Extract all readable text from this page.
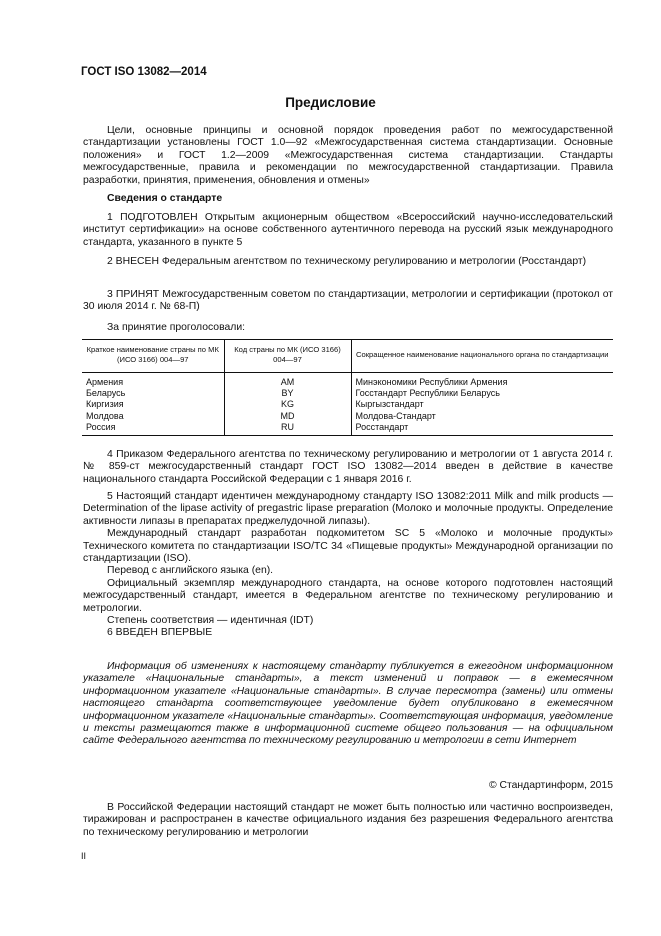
ГОСТ ISO 13082—2014
Предисловие

Цели, основные принципы и основной порядок проведения работ по межгосударственной стандартизации установлены ГОСТ 1.0—92 «Межгосударственная система стандартизации. Основные положения» и ГОСТ 1.2—2009 «Межгосударственная система стандартизации. Стандарты межгосударственные, правила и рекомендации по межгосударственной стандартизации. Правила разработки, принятия, применения, обновления и отмены»

Сведения о стандарте

1 ПОДГОТОВЛЕН Открытым акционерным обществом «Всероссийский научно-исследовательский институт сертификации» на основе собственного аутентичного перевода на русский язык международного стандарта, указанного в пункте 5

2 ВНЕСЕН Федеральным агентством по техническому регулированию и метрологии (Росстандарт)

3 ПРИНЯТ Межгосударственным советом по стандартизации, метрологии и сертификации (протокол от 30 июля 2014 г. № 68-П)

За принятие проголосовали:

Краткое наименование страны по МК (ИСО 3166) 004—97	Код страны по МК (ИСО 3166) 004—97	Сокращенное наименование национального органа по стандартизации
Армения	AM	Минэкономики Республики Армения
Беларусь	BY	Госстандарт Республики Беларусь
Киргизия	KG	Кыргызстандарт
Молдова	MD	Молдова-Стандарт
Россия	RU	Росстандарт

4 Приказом Федерального агентства по техническому регулированию и метрологии от 1 августа 2014 г. № 859-ст межгосударственный стандарт ГОСТ ISO 13082—2014 введен в действие в качестве национального стандарта Российской Федерации с 1 января 2016 г.

5 Настоящий стандарт идентичен международному стандарту ISO 13082:2011 Milk and milk products — Determination of the lipase activity of pregastric lipase preparation (Молоко и молочные продукты. Определение активности липазы в препаратах преджелудочной липазы).

Международный стандарт разработан подкомитетом SC 5 «Молоко и молочные продукты» Технического комитета по стандартизации ISO/TC 34 «Пищевые продукты» Международной организации по стандартизации (ISO).

Перевод с английского языка (en).

Официальный экземпляр международного стандарта, на основе которого подготовлен настоящий межгосударственный стандарт, имеется в Федеральном агентстве по техническому регулированию и метрологии.

Степень соответствия — идентичная (IDT)

6 ВВЕДЕН ВПЕРВЫЕ

Информация об изменениях к настоящему стандарту публикуется в ежегодном информационном указателе «Национальные стандарты», а текст изменений и поправок — в ежемесячном информационном указателе «Национальные стандарты». В случае пересмотра (замены) или отмены настоящего стандарта соответствующее уведомление будет опубликовано в ежемесячном информационном указателе «Национальные стандарты». Соответствующая информация, уведомление и тексты размещаются также в информационной системе общего пользования — на официальном сайте Федерального агентства по техническому регулированию и метрологии в сети Интернет

© Стандартинформ, 2015

В Российской Федерации настоящий стандарт не может быть полностью или частично воспроизведен, тиражирован и распространен в качестве официального издания без разрешения Федерального агентства по техническому регулированию и метрологии

II
